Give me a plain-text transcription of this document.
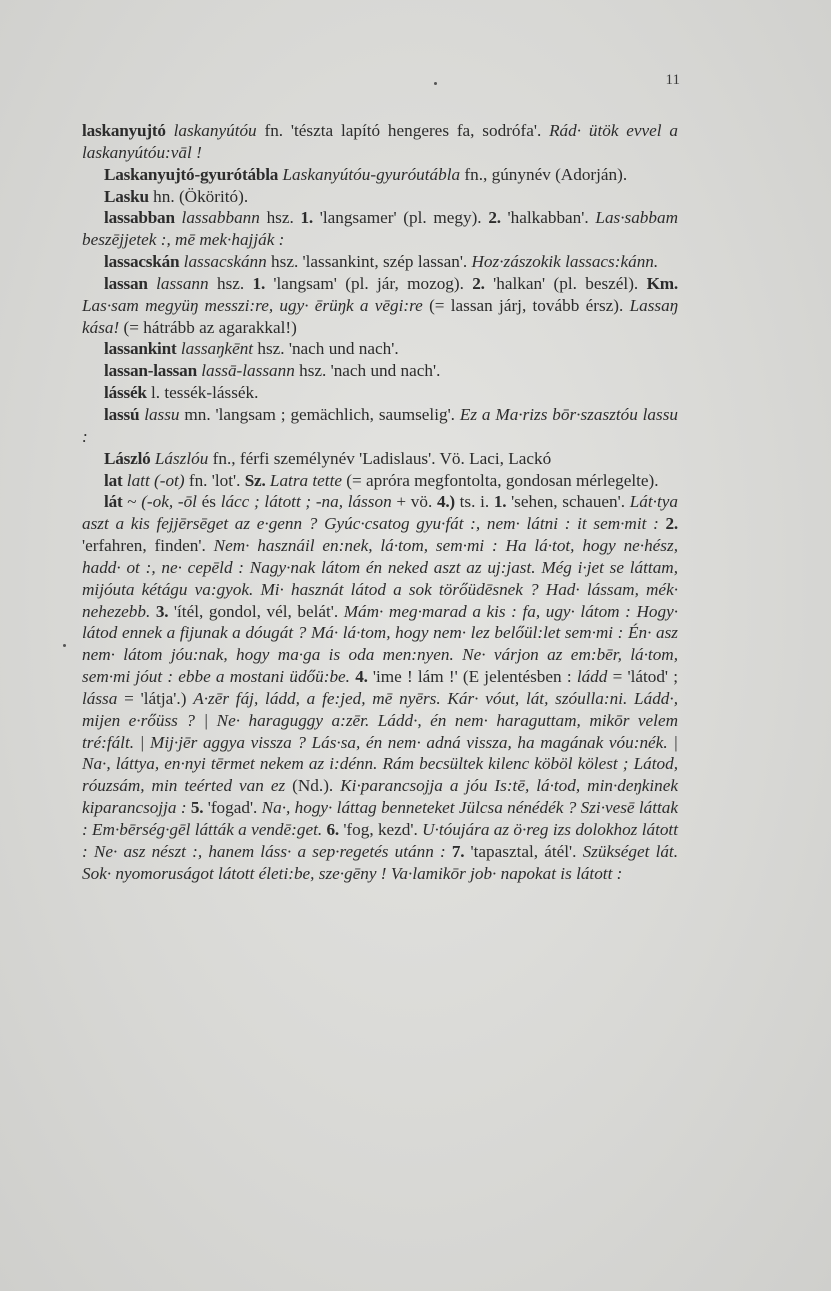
11

laskanyujtó laskanyútóu fn. 'tészta lapító hengeres fa, sodrófa'. Rád· ütök evvel a laskanyútóu:vāl !

Laskanyujtó-gyurótábla Laskanyútóu-gyuróutábla fn., gúnynév (Adorján).

Lasku hn. (Ököritó).

lassabban lassabbann hsz. 1. 'langsamer' (pl. megy). 2. 'halkabban'. Las·sabbam beszējjetek :, mē mek·hajják :

lassacskán lassacskánn hsz. 'lassankint, szép lassan'. Hoz·zászokik lassacs:kánn.

lassan lassann hsz. 1. 'langsam' (pl. jár, mozog). 2. 'halkan' (pl. beszél). Km. Las·sam megyüŋ messzi:re, ugy· ērüŋk a vēgi:re (= lassan járj, tovább érsz). Lassaŋ kása! (= hátrább az agarakkal!)

lassankint lassaŋkēnt hsz. 'nach und nach'.

lassan-lassan lassā-lassann hsz. 'nach und nach'.

lássék l. tessék-lássék.

lassú lassu mn. 'langsam ; gemächlich, saumselig'. Ez a Ma·rizs bōr·szasztóu lassu :

László Lászlóu fn., férfi személynév 'Ladislaus'. Vö. Laci, Lackó

lat latt (-ot) fn. 'lot'. Sz. Latra tette (= apróra megfontolta, gondosan mérlegelte).

lát ~ (-ok, -ōl és lácc ; látott ; -na, lásson + vö. 4.) ts. i. 1. 'sehen, schauen'. Lát·tya aszt a kis fejjērsēget az e·genn ? Gyúc·csatog gyu·fát :, nem· látni : it sem·mit : 2. 'erfahren, finden'. Nem· hasznáil en:nek, lá·tom, sem·mi : Ha lá·tot, hogy ne·hész, hadd· ot :, ne· cepēld : Nagy·nak látom én neked aszt az uj:jast. Még i·jet se láttam, mijóuta kétágu va:gyok. Mi· hasznát látod a sok törőüdēsnek ? Had· lássam, mék· nehezebb. 3. 'ítél, gondol, vél, belát'. Mám· meg·marad a kis : fa, ugy· látom : Hogy· látod ennek a fijunak a dóugát ? Má· lá·tom, hogy nem· lez belőül:let sem·mi : Én· asz nem· látom jóu:nak, hogy ma·ga is oda men:nyen. Ne· várjon az em:bēr, lá·tom, sem·mi jóut : ebbe a mostani üdőü:be. 4. 'ime ! lám !' (E jelentésben : ládd = 'látod' ; lássa = 'látja'.) A·zēr fáj, ládd, a fe:jed, mē nyērs. Kár· vóut, lát, szóulla:ni. Ládd·, mijen e·rőüss ? | Ne· haraguggy a:zēr. Ládd·, én nem· haraguttam, mikōr velem tré:fált. | Mij·jēr aggya vissza ? Lás·sa, én nem· adná vissza, ha magának vóu:nék. | Na·, láttya, en·nyi tērmet nekem az i:dénn. Rám becsültek kilenc köböl kölest ; Látod, róuzsám, min teérted van ez (Nd.). Ki·parancsojja a jóu Is:tē, lá·tod, min·deŋkinek kiparancsojja : 5. 'fogad'. Na·, hogy· láttag benneteket Jülcsa nénédék ? Szi·vesē láttak : Em·bērség·gēl látták a vendē:get. 6. 'fog, kezd'. U·tóujára az ö·reg izs dolokhoz látott : Ne· asz nészt :, hanem láss· a sep·regetés utánn : 7. 'tapasztal, átél'. Szükséget lát. Sok· nyomoruságot látott életi:be, sze·gēny ! Va·lamikōr job· napokat is látott :
